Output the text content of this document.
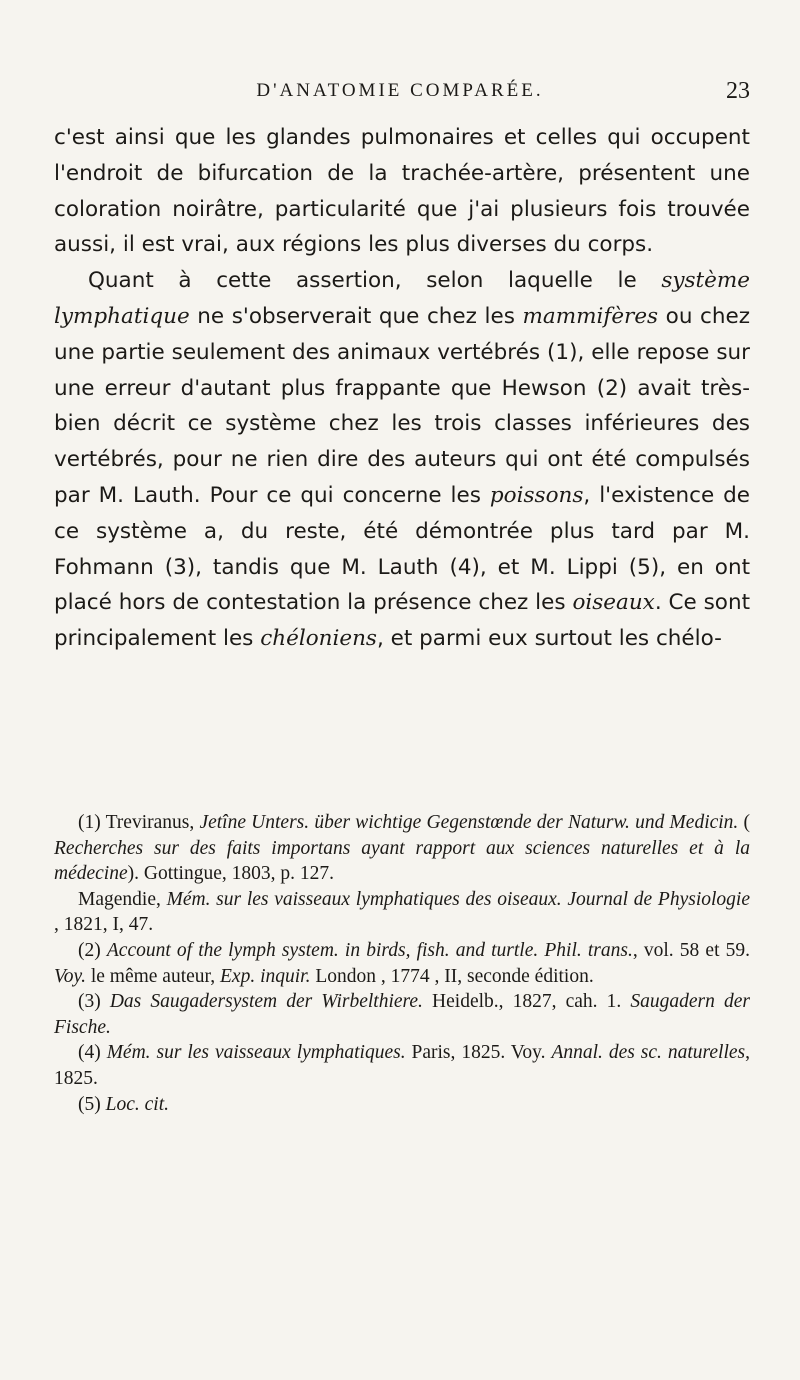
D'ANATOMIE COMPARÉE.	23

c'est ainsi que les glandes pulmonaires et celles qui occupent l'endroit de bifurcation de la trachée-artère, présentent une coloration noirâtre, particularité que j'ai plusieurs fois trouvée aussi, il est vrai, aux régions les plus diverses du corps.

Quant à cette assertion, selon laquelle le système lymphatique ne s'observerait que chez les mammifères ou chez une partie seulement des animaux vertébrés (1), elle repose sur une erreur d'autant plus frappante que Hewson (2) avait très-bien décrit ce système chez les trois classes inférieures des vertébrés, pour ne rien dire des auteurs qui ont été compulsés par M. Lauth. Pour ce qui concerne les poissons, l'existence de ce système a, du reste, été démontrée plus tard par M. Fohmann (3), tandis que M. Lauth (4), et M. Lippi (5), en ont placé hors de contestation la présence chez les oiseaux. Ce sont principalement les chéloniens, et parmi eux surtout les chélo-

(1) Treviranus, Jetîne Unters. über wichtige Gegenstœnde der Naturw. und Medicin. ( Recherches sur des faits importans ayant rapport aux sciences naturelles et à la médecine). Gottingue, 1803, p. 127.

Magendie, Mém. sur les vaisseaux lymphatiques des oiseaux. Journal de Physiologie , 1821, I, 47.

(2) Account of the lymph system. in birds, fish. and turtle. Phil. trans., vol. 58 et 59. Voy. le même auteur, Exp. inquir. London , 1774 , II, seconde édition.

(3) Das Saugadersystem der Wirbelthiere. Heidelb., 1827, cah. 1. Saugadern der Fische.

(4) Mém. sur les vaisseaux lymphatiques. Paris, 1825. Voy. Annal. des sc. naturelles, 1825.

(5) Loc. cit.
